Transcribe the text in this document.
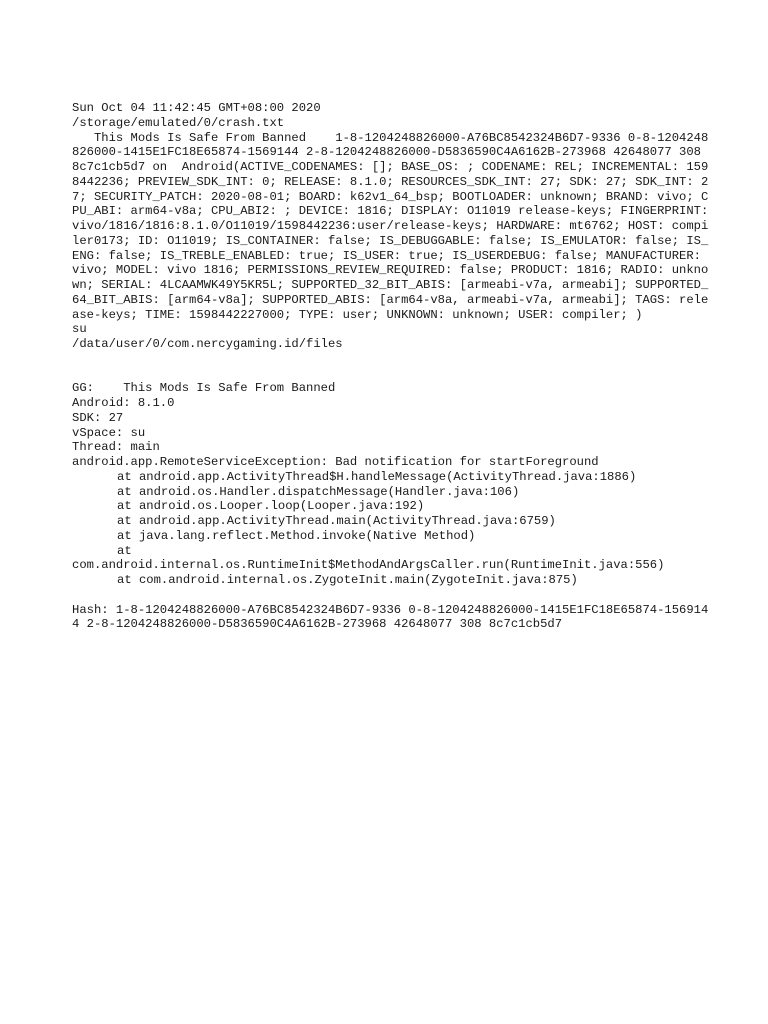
Sun Oct 04 11:42:45 GMT+08:00 2020
/storage/emulated/0/crash.txt
This Mods Is Safe From Banned    1-8-1204248826000-A76BC8542324B6D7-9336 0-8-1204248826000-1415E1FC18E65874-1569144 2-8-1204248826000-D5836590C4A6162B-273968 42648077 308 8c7c1cb5d7 on  Android(ACTIVE_CODENAMES: []; BASE_OS: ; CODENAME: REL; INCREMENTAL: 1598442236; PREVIEW_SDK_INT: 0; RELEASE: 8.1.0; RESOURCES_SDK_INT: 27; SDK: 27; SDK_INT: 27; SECURITY_PATCH: 2020-08-01; BOARD: k62v1_64_bsp; BOOTLOADER: unknown; BRAND: vivo; CPU_ABI: arm64-v8a; CPU_ABI2: ; DEVICE: 1816; DISPLAY: O11019 release-keys; FINGERPRINT: vivo/1816/1816:8.1.0/O11019/1598442236:user/release-keys; HARDWARE: mt6762; HOST: compiler0173; ID: O11019; IS_CONTAINER: false; IS_DEBUGGABLE: false; IS_EMULATOR: false; IS_ENG: false; IS_TREBLE_ENABLED: true; IS_USER: true; IS_USERDEBUG: false; MANUFACTURER: vivo; MODEL: vivo 1816; PERMISSIONS_REVIEW_REQUIRED: false; PRODUCT: 1816; RADIO: unknown; SERIAL: 4LCAAMWK49Y5KR5L; SUPPORTED_32_BIT_ABIS: [armeabi-v7a, armeabi]; SUPPORTED_64_BIT_ABIS: [arm64-v8a]; SUPPORTED_ABIS: [arm64-v8a, armeabi-v7a, armeabi]; TAGS: release-keys; TIME: 1598442227000; TYPE: user; UNKNOWN: unknown; USER: compiler; )
su
/data/user/0/com.nercygaming.id/files
GG:    This Mods Is Safe From Banned
Android: 8.1.0
SDK: 27
vSpace: su
Thread: main
android.app.RemoteServiceException: Bad notification for startForeground
at android.app.ActivityThread$H.handleMessage(ActivityThread.java:1886)
at android.os.Handler.dispatchMessage(Handler.java:106)
at android.os.Looper.loop(Looper.java:192)
at android.app.ActivityThread.main(ActivityThread.java:6759)
at java.lang.reflect.Method.invoke(Native Method)
at
com.android.internal.os.RuntimeInit$MethodAndArgsCaller.run(RuntimeInit.java:556)
at com.android.internal.os.ZygoteInit.main(ZygoteInit.java:875)
Hash: 1-8-1204248826000-A76BC8542324B6D7-9336 0-8-1204248826000-1415E1FC18E65874-1569144 2-8-1204248826000-D5836590C4A6162B-273968 42648077 308 8c7c1cb5d7
